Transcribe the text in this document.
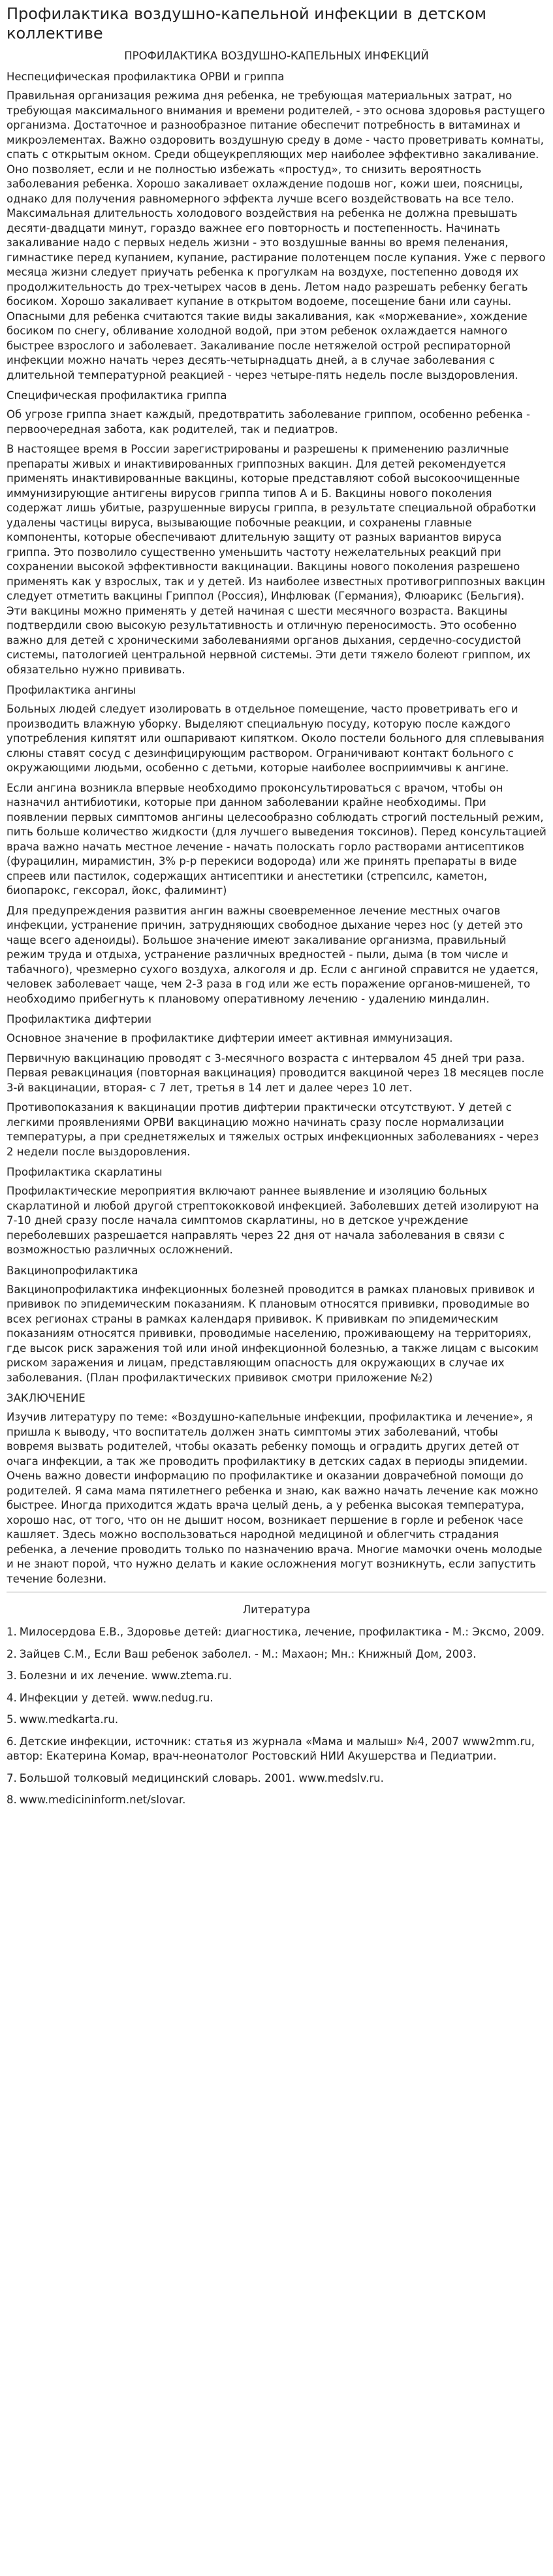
Профилактика воздушно-капельной инфекции в детском коллективе
ПРОФИЛАКТИКА ВОЗДУШНО-КАПЕЛЬНЫХ ИНФЕКЦИЙ
Неспецифическая профилактика ОРВИ и гриппа

Правильная организация режима дня ребенка, не требующая материальных затрат, но требующая максимального внимания и времени родителей, - это основа здоровья растущего организма. Достаточное и разнообразное питание обеспечит потребность в витаминах и микроэлементах. Важно оздоровить воздушную среду в доме - часто проветривать комнаты, спать с открытым окном. Среди общеукрепляющих мер наиболее эффективно закаливание. Оно позволяет, если и не полностью избежать «простуд», то снизить вероятность заболевания ребенка. Хорошо закаливает охлаждение подошв ног, кожи шеи, поясницы, однако для получения равномерного эффекта лучше всего воздействовать на все тело. Максимальная длительность холодового воздействия на ребенка не должна превышать десяти-двадцати минут, гораздо важнее его повторность и постепенность. Начинать закаливание надо с первых недель жизни - это воздушные ванны во время пеленания, гимнастике перед купанием, купание, растирание полотенцем после купания. Уже с первого месяца жизни следует приучать ребенка к прогулкам на воздухе, постепенно доводя их продолжительность до трех-четырех часов в день. Летом надо разрешать ребенку бегать босиком. Хорошо закаливает купание в открытом водоеме, посещение бани или сауны. Опасными для ребенка считаются такие виды закаливания, как «моржевание», хождение босиком по снегу, обливание холодной водой, при этом ребенок охлаждается намного быстрее взрослого и заболевает. Закаливание после нетяжелой острой респираторной инфекции можно начать через десять-четырнадцать дней, а в случае заболевания с длительной температурной реакцией - через четыре-пять недель после выздоровления.

Специфическая профилактика гриппа

Об угрозе гриппа знает каждый, предотвратить заболевание гриппом, особенно ребенка - первоочередная забота, как родителей, так и педиатров.

В настоящее время в России зарегистрированы и разрешены к применению различные препараты живых и инактивированных гриппозных вакцин. Для детей рекомендуется применять инактивированные вакцины, которые представляют собой высокоочищенные иммунизирующие антигены вирусов гриппа типов А и Б. Вакцины нового поколения содержат лишь убитые, разрушенные вирусы гриппа, в результате специальной обработки удалены частицы вируса, вызывающие побочные реакции, и сохранены главные компоненты, которые обеспечивают длительную защиту от разных вариантов вируса гриппа. Это позволило существенно уменьшить частоту нежелательных реакций при сохранении высокой эффективности вакцинации. Вакцины нового поколения разрешено применять как у взрослых, так и у детей. Из наиболее известных противогриппозных вакцин следует отметить вакцины Гриппол (Россия), Инфлювак (Германия), Флюарикс (Бельгия). Эти вакцины можно применять у детей начиная с шести месячного возраста. Вакцины подтвердили свою высокую результативность и отличную переносимость. Это особенно важно для детей с хроническими заболеваниями органов дыхания, сердечно-сосудистой системы, патологией центральной нервной системы. Эти дети тяжело болеют гриппом, их обязательно нужно прививать.

Профилактика ангины

Больных людей следует изолировать в отдельное помещение, часто проветривать его и производить влажную уборку. Выделяют специальную посуду, которую после каждого употребления кипятят или ошпаривают кипятком. Около постели больного для сплевывания слюны ставят сосуд с дезинфицирующим раствором. Ограничивают контакт больного с окружающими людьми, особенно с детьми, которые наиболее восприимчивы к ангине.

Если ангина возникла впервые необходимо проконсультироваться с врачом, чтобы он назначил антибиотики, которые при данном заболевании крайне необходимы. При появлении первых симптомов ангины целесообразно соблюдать строгий постельный режим, пить больше количество жидкости (для лучшего выведения токсинов). Перед консультацией врача важно начать местное лечение - начать полоскать горло растворами антисептиков (фурацилин, мирамистин, 3% р-р перекиси водорода) или же принять препараты в виде спреев или пастилок, содержащих антисептики и анестетики (стрепсилс, каметон, биопарокс, гексорал, йокс, фалиминт)

Для предупреждения развития ангин важны своевременное лечение местных очагов инфекции, устранение причин, затрудняющих свободное дыхание через нос (у детей это чаще всего аденоиды). Большое значение имеют закаливание организма, правильный режим труда и отдыха, устранение различных вредностей - пыли, дыма (в том числе и табачного), чрезмерно сухого воздуха, алкоголя и др. Если с ангиной справится не удается, человек заболевает чаще, чем 2-3 раза в год или же есть поражение органов-мишеней, то необходимо прибегнуть к плановому оперативному лечению - удалению миндалин.

Профилактика дифтерии

Основное значение в профилактике дифтерии имеет активная иммунизация.

Первичную вакцинацию проводят с 3-месячного возраста с интервалом 45 дней три раза. Первая ревакцинация (повторная вакцинация) проводится вакциной через 18 месяцев после 3-й вакцинации, вторая- с 7 лет, третья в 14 лет и далее через 10 лет.

Противопоказания к вакцинации против дифтерии практически отсутствуют. У детей с легкими проявлениями ОРВИ вакцинацию можно начинать сразу после нормализации температуры, а при среднетяжелых и тяжелых острых инфекционных заболеваниях - через 2 недели после выздоровления.

Профилактика скарлатины

Профилактические мероприятия включают раннее выявление и изоляцию больных скарлатиной и любой другой стрептококковой инфекцией. Заболевших детей изолируют на 7-10 дней сразу после начала симптомов скарлатины, но в детское учреждение переболевших разрешается направлять через 22 дня от начала заболевания в связи с возможностью различных осложнений.

Вакцинопрофилактика

Вакцинопрофилактика инфекционных болезней проводится в рамках плановых прививок и прививок по эпидемическим показаниям. К плановым относятся прививки, проводимые во всех регионах страны в рамках календаря прививок. К прививкам по эпидемическим показаниям относятся прививки, проводимые населению, проживающему на территориях, где высок риск заражения той или иной инфекционной болезнью, а также лицам с высоким риском заражения и лицам, представляющим опасность для окружающих в случае их заболевания. (План профилактических прививок смотри приложение №2)

ЗАКЛЮЧЕНИЕ

Изучив литературу по теме: «Воздушно-капельные инфекции, профилактика и лечение», я пришла к выводу, что воспитатель должен знать симптомы этих заболеваний, чтобы вовремя вызвать родителей, чтобы оказать ребенку помощь и оградить других детей от очага инфекции, а так же проводить профилактику в детских садах в периоды эпидемии. Очень важно довести информацию по профилактике и оказании доврачебной помощи до родителей. Я сама мама пятилетнего ребенка и знаю, как важно начать лечение как можно быстрее. Иногда приходится ждать врача целый день, а у ребенка высокая температура, хорошо нас, от того, что он не дышит носом, возникает першение в горле и ребенок часе кашляет. Здесь можно воспользоваться народной медициной и облегчить страдания ребенка, а лечение проводить только по назначению врача. Многие мамочки очень молодые и не знают порой, что нужно делать и какие осложнения могут возникнуть, если запустить течение болезни.

Литература
1. Милосердова Е.В., Здоровье детей: диагностика, лечение, профилактика - М.: Эксмо, 2009.
2. Зайцев С.М., Если Ваш ребенок заболел. - М.: Махаон; Мн.: Книжный Дом, 2003.
3. Болезни и их лечение. www.ztema.ru.
4. Инфекции у детей. www.nedug.ru.
5. www.medkarta.ru.
6. Детские инфекции, источник: статья из журнала «Мама и малыш» №4, 2007 www2mm.ru, автор: Екатерина Комар, врач-неонатолог Ростовский НИИ Акушерства и Педиатрии.
7. Большой толковый медицинский словарь. 2001. www.medslv.ru.
8. www.medicininform.net/slovar.
